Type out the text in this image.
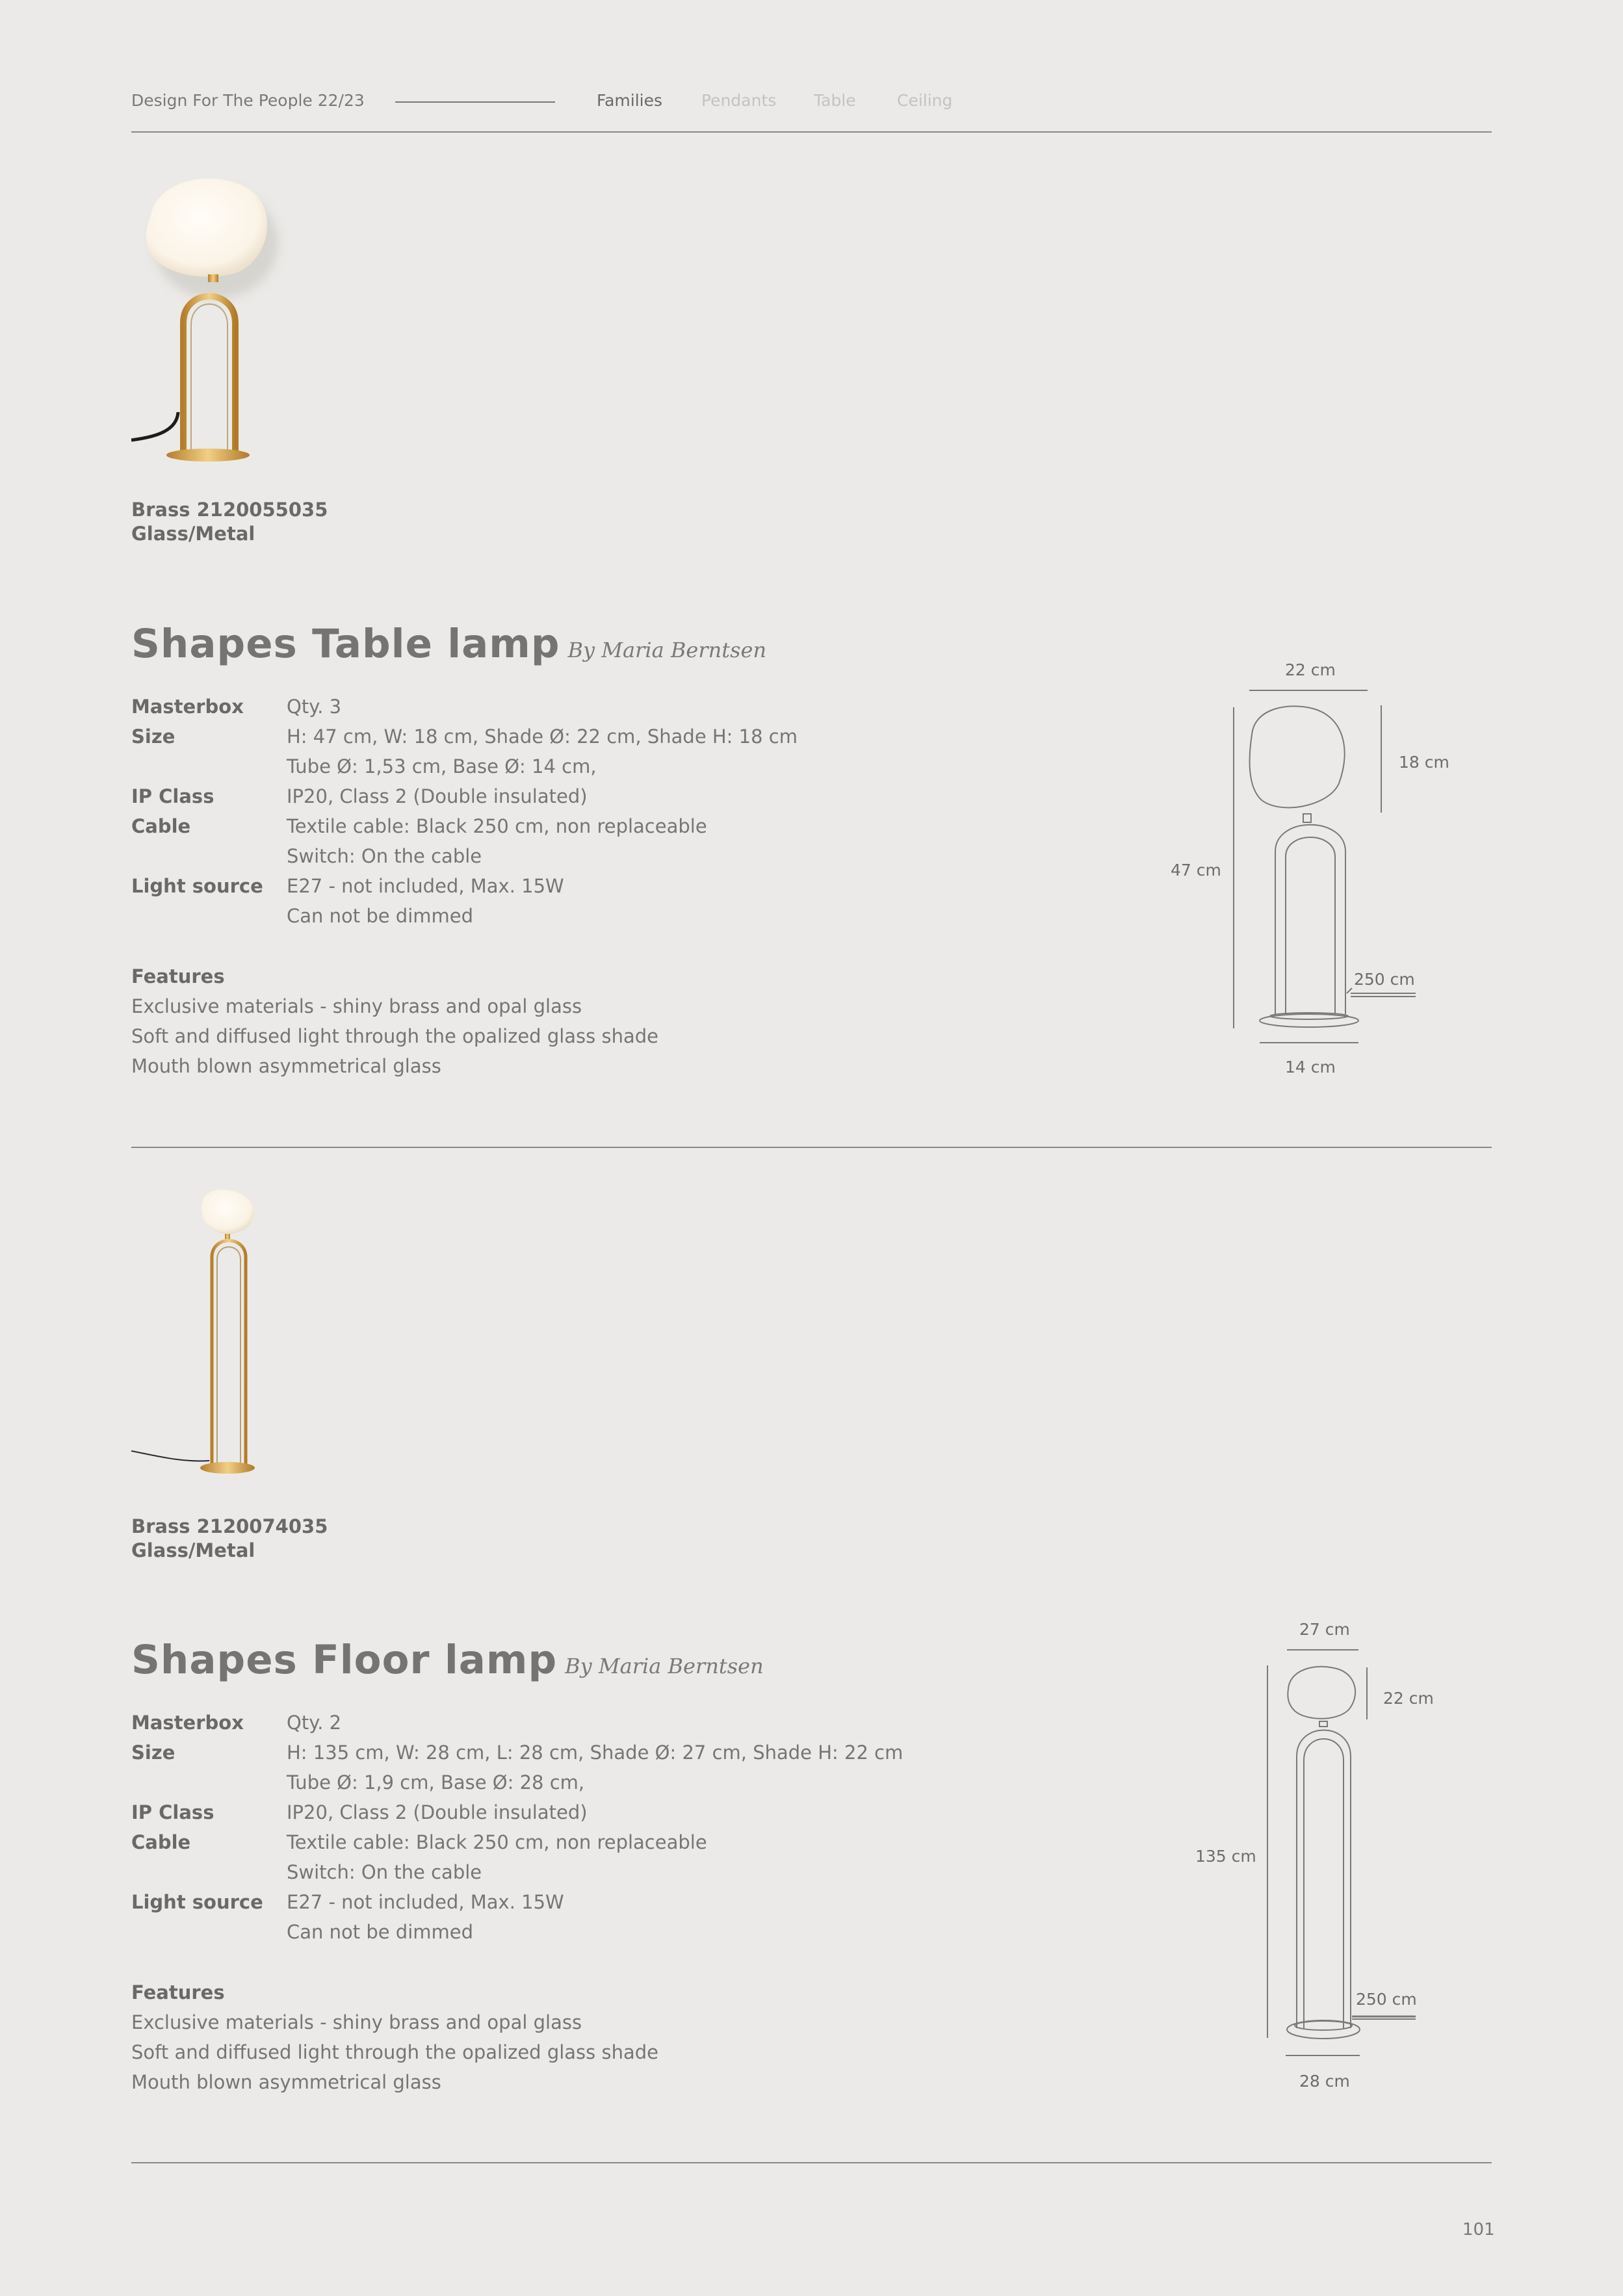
Design For The People 22/23	Families Pendants Table	Ceiling
Brass 2120055035
Glass/Metal
Shapes Table lamp By Maria Berntsen
Masterbox	Qty. 3
Size	H: 47 cm, W: 18 cm, Shade Ø: 22 cm, Shade H: 18 cm
Tube Ø: 1,53 cm, Base Ø: 14 cm,
IP Class	IP20, Class 2 (Double insulated)
Cable	Textile cable: Black 250 cm, non replaceable
Switch: On the cable
Light source	E27 - not included, Max. 15W
Can not be dimmed
Features
Exclusive materials - shiny brass and opal glass
Soft and diffused light through the opalized glass shade
Mouth blown asymmetrical glass
22 cm
18 cm
47 cm
250 cm
14 cm
Brass 2120074035
Glass/Metal
Shapes Floor lamp By Maria Berntsen
Masterbox	Qty. 2
Size	H: 135 cm, W: 28 cm, L: 28 cm, Shade Ø: 27 cm, Shade H: 22 cm
Tube Ø: 1,9 cm, Base Ø: 28 cm,
IP Class	IP20, Class 2 (Double insulated)
Cable	Textile cable: Black 250 cm, non replaceable
Switch: On the cable
Light source	E27 - not included, Max. 15W
Can not be dimmed
Features
Exclusive materials - shiny brass and opal glass
Soft and diffused light through the opalized glass shade
Mouth blown asymmetrical glass
27 cm
22 cm
135 cm
250 cm
28 cm
101
